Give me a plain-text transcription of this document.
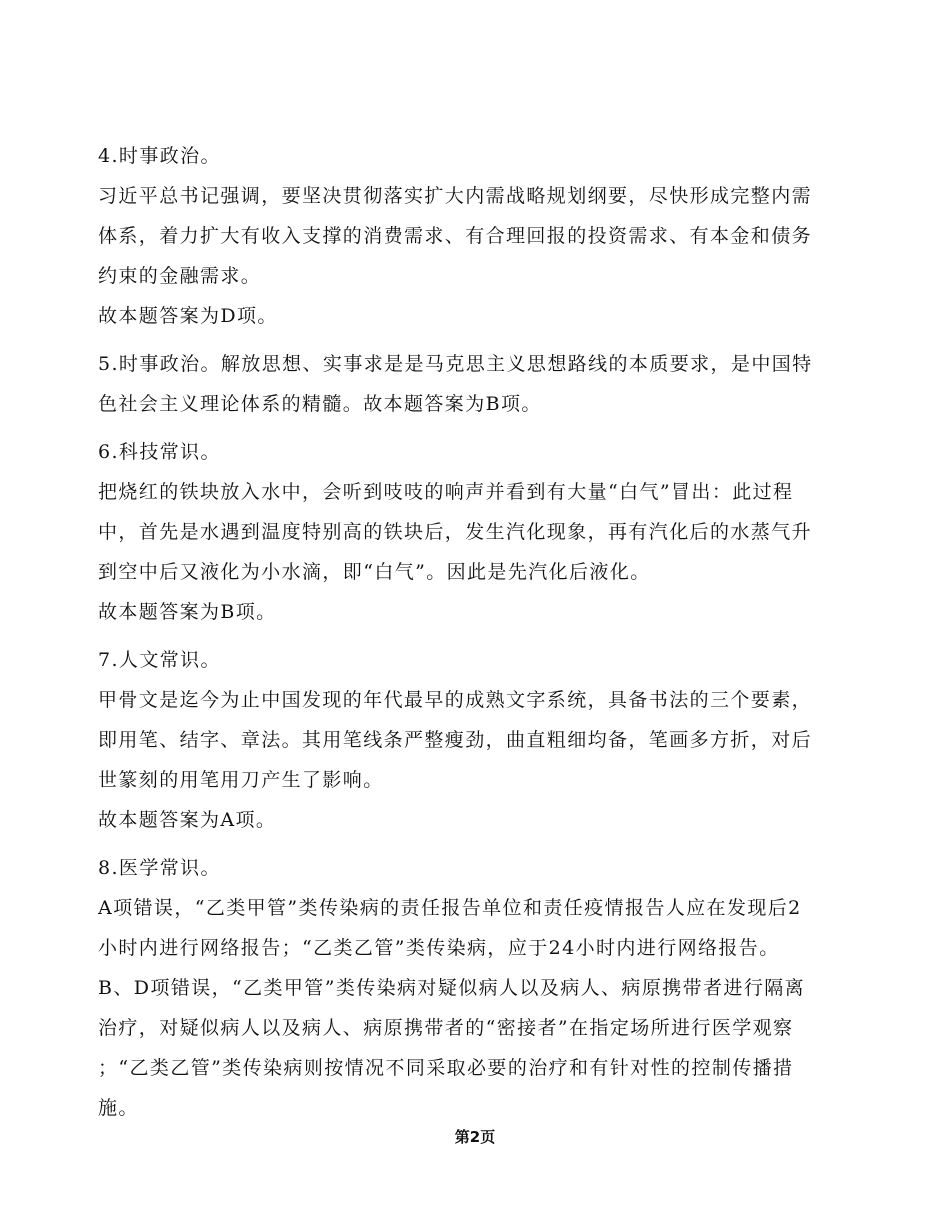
4.时事政治。
习近平总书记强调，要坚决贯彻落实扩大内需战略规划纲要，尽快形成完整内需
体系，着力扩大有收入支撑的消费需求、有合理回报的投资需求、有本金和债务
约束的金融需求。
故本题答案为D项。
5.时事政治。解放思想、实事求是是马克思主义思想路线的本质要求，是中国特
色社会主义理论体系的精髓。故本题答案为B项。
6.科技常识。
把烧红的铁块放入水中，会听到吱吱的响声并看到有大量“白气”冒出：此过程
中，首先是水遇到温度特别高的铁块后，发生汽化现象，再有汽化后的水蒸气升
到空中后又液化为小水滴，即“白气”。因此是先汽化后液化。
故本题答案为B项。
7.人文常识。
甲骨文是迄今为止中国发现的年代最早的成熟文字系统，具备书法的三个要素，
即用笔、结字、章法。其用笔线条严整瘦劲，曲直粗细均备，笔画多方折，对后
世篆刻的用笔用刀产生了影响。
故本题答案为A项。
8.医学常识。
A项错误，“乙类甲管”类传染病的责任报告单位和责任疫情报告人应在发现后2
小时内进行网络报告；“乙类乙管”类传染病，应于24小时内进行网络报告。
B、D项错误，“乙类甲管”类传染病对疑似病人以及病人、病原携带者进行隔离
治疗，对疑似病人以及病人、病原携带者的“密接者”在指定场所进行医学观察
；“乙类乙管”类传染病则按情况不同采取必要的治疗和有针对性的控制传播措
施。
第2页
